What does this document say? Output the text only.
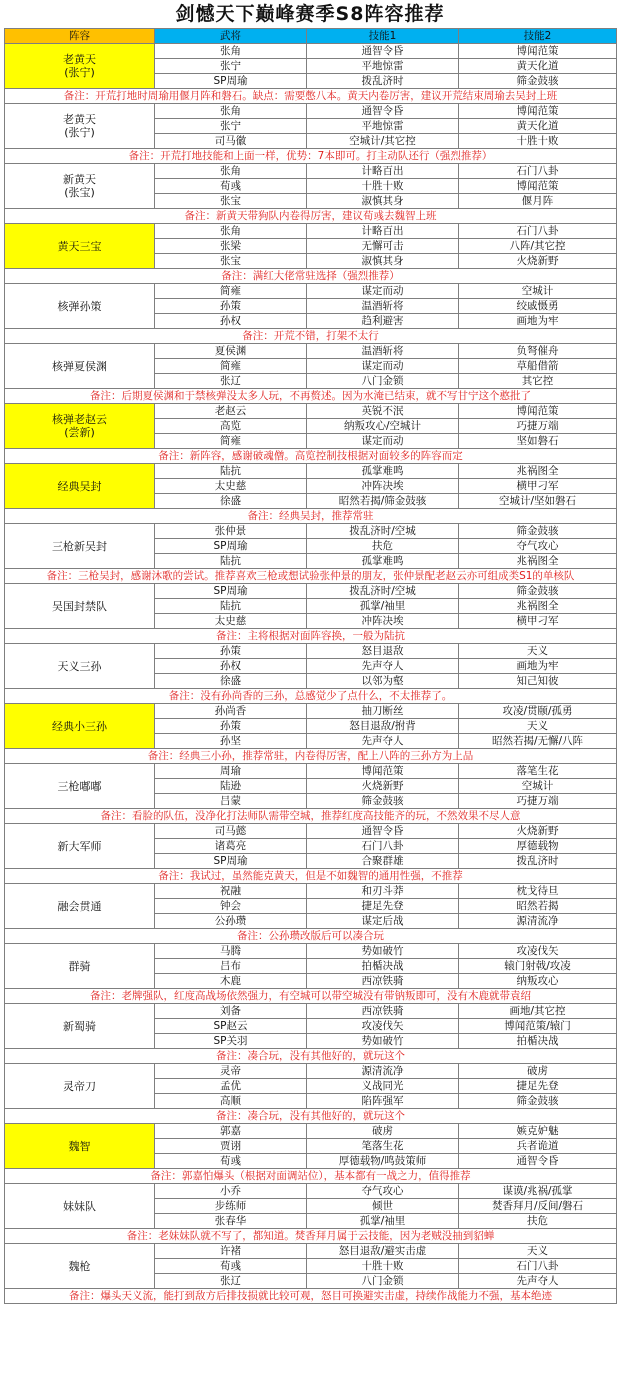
剑憾天下巅峰赛季S8阵容推荐
阵容	武将	技能1	技能2

老黄天
(张宁)	张角	通智令昏	博闻范策
	张宁	平地惊雷	黄天化道
	SP周瑜	拨乱济时	筛金鼓骇
备注：开荒打地时周瑜用偃月阵和磐石。缺点：需要憋八本。黄天内卷厉害，建议开荒结束周瑜去吴封上班			

老黄天
(张宁)	张角	通智令昏	博闻范策
	张宁	平地惊雷	黄天化道
	司马徽	空城计/其它控	十胜十败
备注：开荒打地技能和上面一样，优势：7本即可。打主动队还行（强烈推荐）			

新黄天
(张宝)	张角	计略百出	石门八卦
	荀彧	十胜十败	博闻范策
	张宝	淑慎其身	偃月阵
备注：新黄天带狗队内卷得厉害，建议荀彧去魏智上班			

黄天三宝	张角	计略百出	石门八卦
	张梁	无懈可击	八阵/其它控
	张宝	淑慎其身	火烧新野
备注：满红大佬常驻选择（强烈推荐）			

核弹孙策	简雍	谋定而动	空城计
	孙策	温酒斩将	绞戚慑勇
	孙权	趋利避害	画地为牢
备注：开荒不错，打架不太行			

核弹夏侯渊	夏侯渊	温酒斩将	负弩催舟
	简雍	谋定而动	草船借箭
	张辽	八门金锁	其它控
备注：后期夏侯渊和于禁核弹没太多人玩，不再赘述。因为水淹已结束，就不写甘宁这个憨批了			

核弹老赵云
(尝新)	老赵云	英锐不泯	博闻范策
	高览	纳叛攻心/空城计	巧捷万端
	简雍	谋定而动	坚如磐石
备注：新阵容，感谢破魂僧。高览控制技根据对面较多的阵容而定			

经典吴封	陆抗	孤掌难鸣	兆祸图全
	太史慈	冲阵决埃	横甲刁军
	徐盛	昭然若揭/筛金鼓骇	空城计/坚如磐石
备注：经典吴封，推荐常驻			

三枪新吴封	张仲景	拨乱济时/空城	筛金鼓骇
	SP周瑜	扶危	夺气攻心
	陆抗	孤掌难鸣	兆祸图全
备注：三枪吴封，感谢沐歌的尝试。推荐喜欢三枪或想试验张仲景的朋友，张仲景配老赵云亦可组成类S1的单核队			

吴国封禁队	SP周瑜	拨乱济时/空城	筛金鼓骇
	陆抗	孤掌/袖里	兆祸图全
	太史慈	冲阵决埃	横甲刁军
备注：主将根据对面阵容换，一般为陆抗			

天义三孙	孙策	怒目退敌	天义
	孙权	先声夺人	画地为牢
	徐盛	以邻为壑	知己知彼
备注：没有孙尚香的三孙，总感觉少了点什么，不太推荐了。			

经典小三孙	孙尚香	抽刀断丝	攻凌/贯颐/孤勇
	孙策	怒目退敌/拊背	天义
	孙坚	先声夺人	昭然若揭/无懈/八阵
备注：经典三小孙，推荐常驻，内卷得厉害，配上八阵的三孙方为上品			

三枪嘟嘟	周瑜	博闻范策	落笔生花
	陆逊	火烧新野	空城计
	吕蒙	筛金鼓骇	巧捷万端
备注：看脸的队伍，没净化打法师队需带空城，推荐红度高技能齐的玩，不然效果不尽人意			

新大军师	司马懿	通智令昏	火烧新野
	诸葛亮	石门八卦	厚德载物
	SP周瑜	合聚群雄	拨乱济时
备注：我试过，虽然能克黄天，但是不如魏智的通用性强，不推荐			

融会贯通	祝融	和刃斗莽	枕戈待旦
	钟会	捷足先登	昭然若揭
	公孙瓒	谋定后战	源清流净
备注：公孙瓒改版后可以凑合玩			

群骑	马腾	势如破竹	攻凌伐矢
	吕布	拍楯决战	辕门射戟/攻凌
	木鹿	西凉铁骑	纳叛攻心
备注：老牌强队，红度高战场依然强力，有空城可以带空城没有带钠叛即可，没有木鹿就带袁绍			

新蜀骑	刘备	西凉铁骑	画地/其它控
	SP赵云	攻凌伐矢	博闻范策/辕门
	SP关羽	势如破竹	拍楯决战
备注：凑合玩，没有其他好的，就玩这个			

灵帝刀	灵帝	源清流净	破虏
	孟优	义战同光	捷足先登
	高顺	陷阵强军	筛金鼓骇
备注：凑合玩，没有其他好的，就玩这个			

魏智	郭嘉	破虏	嫉克妒魅
	贾诩	笔落生花	兵者诡道
	荀彧	厚德载物/鸣鼓策师	通智令昏
备注：郭嘉怕爆头（根据对面调站位），基本都有一战之力，值得推荐			

妹妹队	小乔	夺气攻心	谋谟/兆祸/孤掌
	步练师	倾世	焚香拜月/反间/磐石
	张春华	孤掌/袖里	扶危
备注：老妹妹队就不写了，都知道。焚香拜月属于云技能，因为老贼没抽到貂蝉			

魏枪	许褚	怒目退敌/避实击虚	天义
	荀彧	十胜十败	石门八卦
	张辽	八门金锁	先声夺人
备注：爆头天义流，能打到敌方后排技损就比较可观，怒目可换避实击虚，持续作战能力不强，基本绝迹			
